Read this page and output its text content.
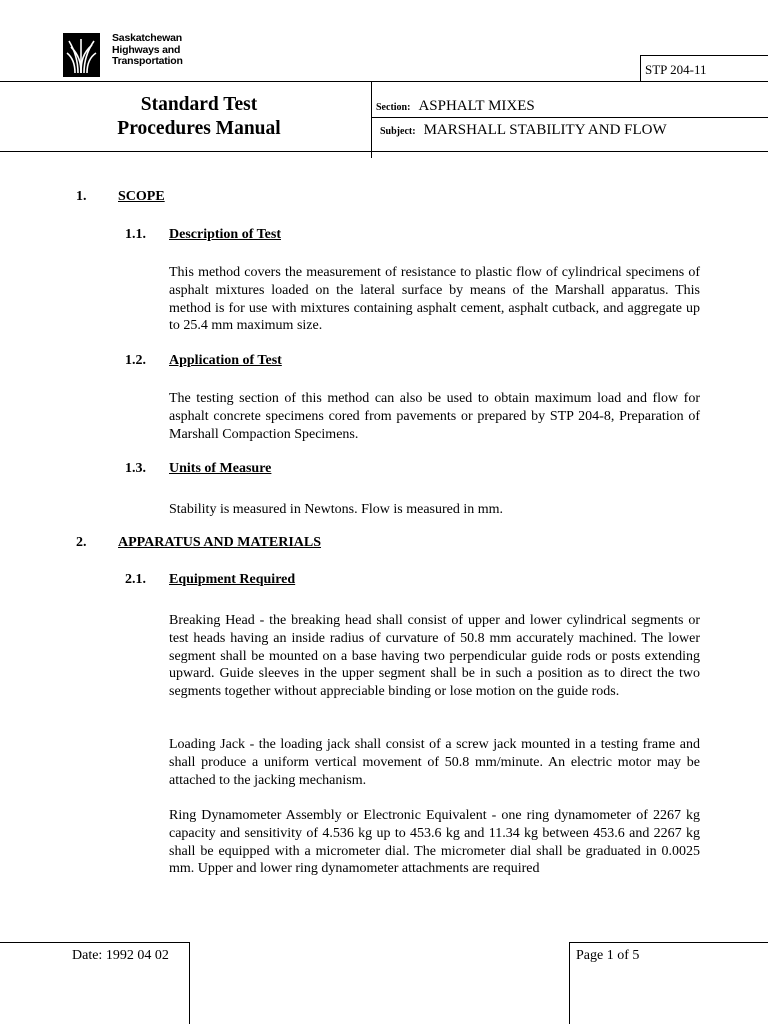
Saskatchewan
Highways and
Transportation
STP 204-11
Standard Test
Procedures Manual
Section: ASPHALT MIXES
Subject: MARSHALL STABILITY AND FLOW
1. SCOPE
1.1. Description of Test

This method covers the measurement of resistance to plastic flow of cylindrical specimens of asphalt mixtures loaded on the lateral surface by means of the Marshall apparatus. This method is for use with mixtures containing asphalt cement, asphalt cutback, and aggregate up to 25.4 mm maximum size.

1.2. Application of Test

The testing section of this method can also be used to obtain maximum load and flow for asphalt concrete specimens cored from pavements or prepared by STP 204-8, Preparation of Marshall Compaction Specimens.

1.3. Units of Measure

Stability is measured in Newtons. Flow is measured in mm.

2. APPARATUS AND MATERIALS
2.1. Equipment Required

Breaking Head - the breaking head shall consist of upper and lower cylindrical segments or test heads having an inside radius of curvature of 50.8 mm accurately machined. The lower segment shall be mounted on a base having two perpendicular guide rods or posts extending upward. Guide sleeves in the upper segment shall be in such a position as to direct the two segments together without appreciable binding or lose motion on the guide rods.

Loading Jack - the loading jack shall consist of a screw jack mounted in a testing frame and shall produce a uniform vertical movement of 50.8 mm/minute. An electric motor may be attached to the jacking mechanism.

Ring Dynamometer Assembly or Electronic Equivalent - one ring dynamometer of 2267 kg capacity and sensitivity of 4.536 kg up to 453.6 kg and 11.34 kg between 453.6 and 2267 kg shall be equipped with a micrometer dial. The micrometer dial shall be graduated in 0.0025 mm. Upper and lower ring dynamometer attachments are required

Date: 1992 04 02	Page 1 of 5
